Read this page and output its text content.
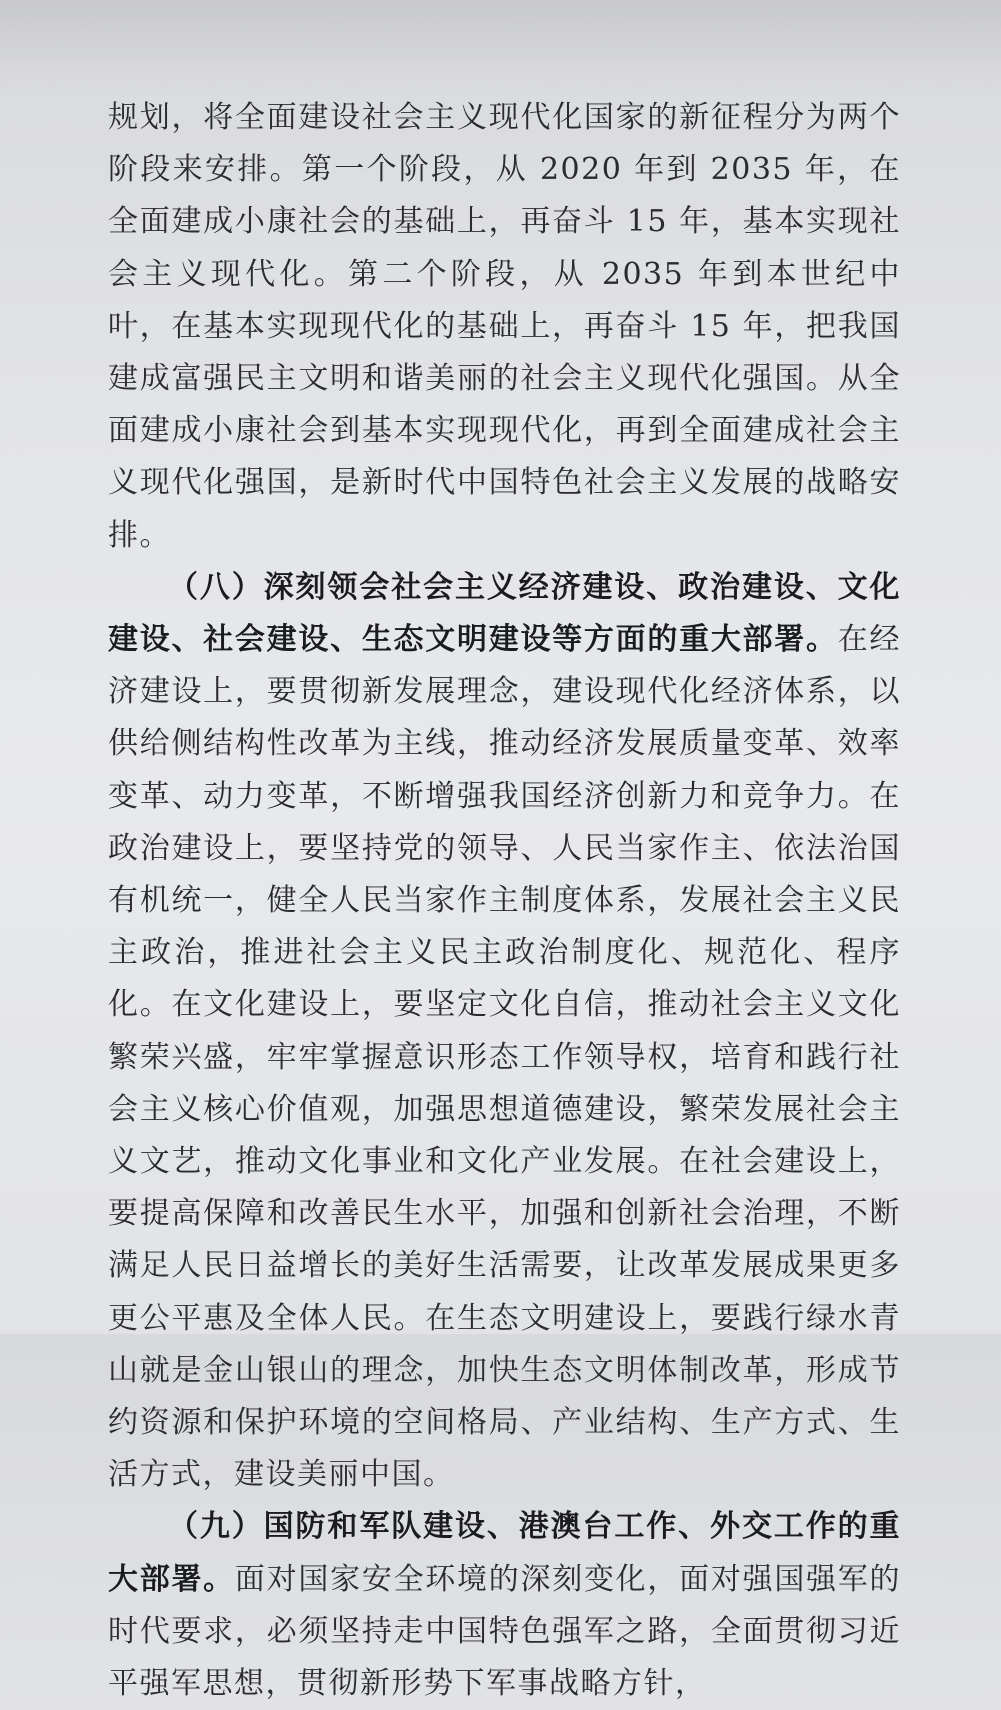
规划，将全面建设社会主义现代化国家的新征程分为两个阶段来安排。第一个阶段，从 2020 年到 2035 年，在全面建成小康社会的基础上，再奋斗 15 年，基本实现社会主义现代化。第二个阶段，从 2035 年到本世纪中叶，在基本实现现代化的基础上，再奋斗 15 年，把我国建成富强民主文明和谐美丽的社会主义现代化强国。从全面建成小康社会到基本实现现代化，再到全面建成社会主义现代化强国，是新时代中国特色社会主义发展的战略安排。

（八）深刻领会社会主义经济建设、政治建设、文化建设、社会建设、生态文明建设等方面的重大部署。在经济建设上，要贯彻新发展理念，建设现代化经济体系，以供给侧结构性改革为主线，推动经济发展质量变革、效率变革、动力变革，不断增强我国经济创新力和竞争力。在政治建设上，要坚持党的领导、人民当家作主、依法治国有机统一，健全人民当家作主制度体系，发展社会主义民主政治，推进社会主义民主政治制度化、规范化、程序化。在文化建设上，要坚定文化自信，推动社会主义文化繁荣兴盛，牢牢掌握意识形态工作领导权，培育和践行社会主义核心价值观，加强思想道德建设，繁荣发展社会主义文艺，推动文化事业和文化产业发展。在社会建设上，要提高保障和改善民生水平，加强和创新社会治理，不断满足人民日益增长的美好生活需要，让改革发展成果更多更公平惠及全体人民。在生态文明建设上，要践行绿水青山就是金山银山的理念，加快生态文明体制改革，形成节约资源和保护环境的空间格局、产业结构、生产方式、生活方式，建设美丽中国。

（九）国防和军队建设、港澳台工作、外交工作的重大部署。面对国家安全环境的深刻变化，面对强国强军的时代要求，必须坚持走中国特色强军之路，全面贯彻习近平强军思想，贯彻新形势下军事战略方针，
